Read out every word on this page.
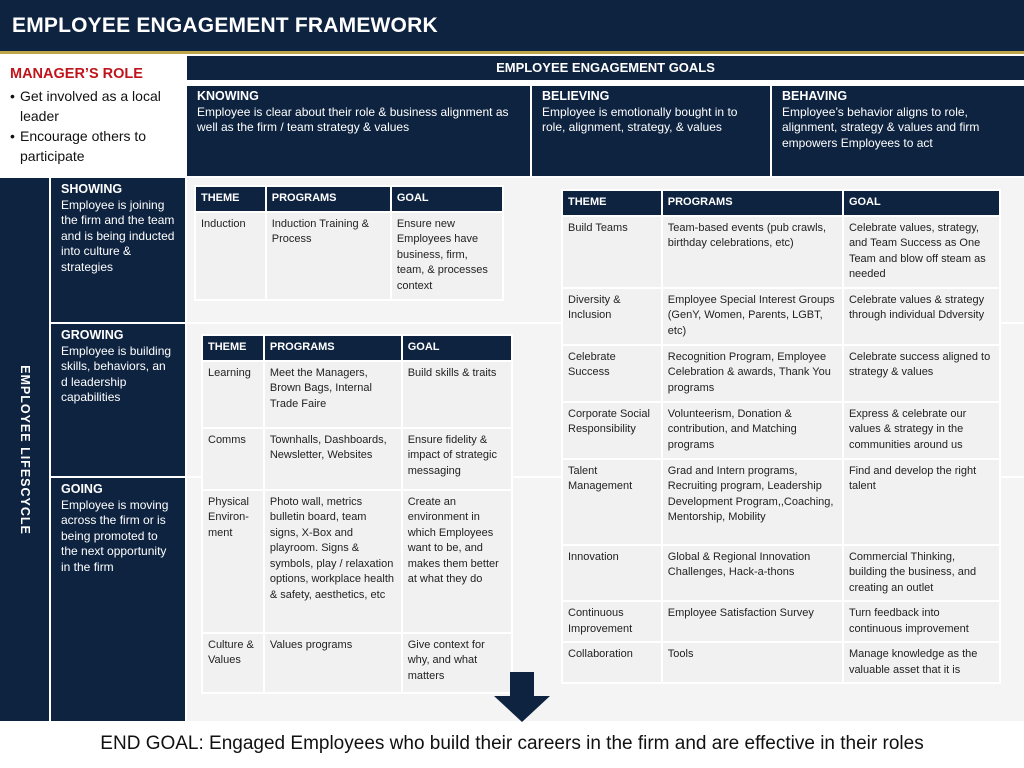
EMPLOYEE ENGAGEMENT FRAMEWORK
MANAGER’S ROLE
• Get involved as a local leader
• Encourage others to participate
EMPLOYEE ENGAGEMENT GOALS
KNOWING
Employee is clear about their role & business alignment as well as the firm / team strategy & values
BELIEVING
Employee is emotionally bought in to role, alignment, strategy, & values
BEHAVING
Employee’s behavior aligns to role, alignment, strategy & values and firm empowers Employees to act
EMPLOYEE LIFESCYCLE
SHOWING
Employee is joining the firm and the team and is being inducted into culture & strategies
GROWING
Employee is building skills, behaviors, an d leadership capabilities
GOING
Employee is moving across the firm or is being promoted to the next opportunity in the firm
THEME	PROGRAMS	GOAL
Induction	Induction Training & Process	Ensure new Employees have business, firm, team, & processes context
THEME	PROGRAMS	GOAL
Learning	Meet the Managers, Brown Bags, Internal Trade Faire	Build skills & traits
Comms	Townhalls, Dashboards, Newsletter, Websites	Ensure fidelity & impact of strategic messaging
Physical Environ-ment	Photo wall, metrics bulletin board, team signs, X-Box and playroom. Signs & symbols, play / relaxation options, workplace health & safety, aesthetics, etc	Create an environment in which Employees want to be, and makes them better at what they do
Culture & Values	Values programs	Give context for why, and what matters
THEME	PROGRAMS	GOAL
Build Teams	Team-based events (pub crawls, birthday celebrations, etc)	Celebrate values, strategy, and Team Success as One Team and blow off steam as needed
Diversity & Inclusion	Employee Special Interest Groups (GenY, Women, Parents, LGBT, etc)	Celebrate values & strategy through individual Ddversity
Celebrate Success	Recognition Program, Employee Celebration & awards, Thank You programs	Celebrate success aligned to strategy & values
Corporate Social Responsibility	Volunteerism, Donation & contribution, and Matching programs	Express & celebrate our values & strategy in the communities around us
Talent Management	Grad and Intern programs, Recruiting program, Leadership Development Program,,Coaching, Mentorship, Mobility	Find and develop the right talent
Innovation	Global & Regional Innovation Challenges, Hack-a-thons	Commercial Thinking, building the business, and creating an outlet
Continuous Improvement	Employee Satisfaction Survey	Turn feedback into continuous improvement
Collaboration	Tools	Manage knowledge as the valuable asset that it is
END GOAL: Engaged Employees who build their careers in the firm and are effective in their roles
